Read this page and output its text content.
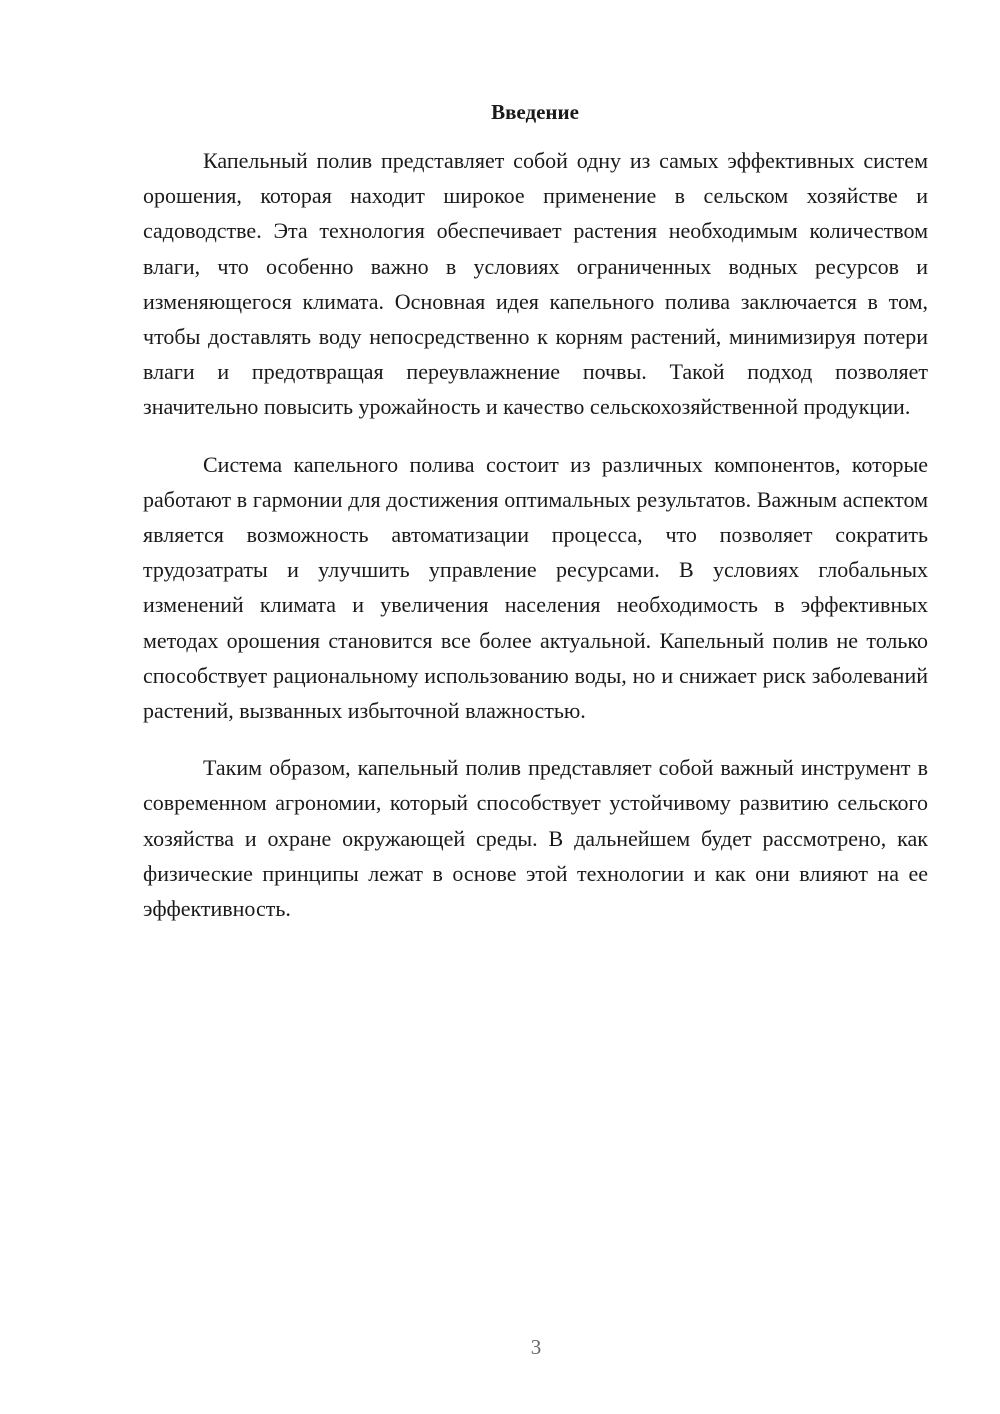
Введение

Капельный полив представляет собой одну из самых эффективных систем орошения, которая находит широкое применение в сельском хозяйстве и садоводстве. Эта технология обеспечивает растения необходимым количеством влаги, что особенно важно в условиях ограниченных водных ресурсов и изменяющегося климата. Основная идея капельного полива заключается в том, чтобы доставлять воду непосредственно к корням растений, минимизируя потери влаги и предотвращая переувлажнение почвы. Такой подход позволяет значительно повысить урожайность и качество сельскохозяйственной продукции.

Система капельного полива состоит из различных компонентов, которые работают в гармонии для достижения оптимальных результатов. Важным аспектом является возможность автоматизации процесса, что позволяет сократить трудозатраты и улучшить управление ресурсами. В условиях глобальных изменений климата и увеличения населения необходимость в эффективных методах орошения становится все более актуальной. Капельный полив не только способствует рациональному использованию воды, но и снижает риск заболеваний растений, вызванных избыточной влажностью.

Таким образом, капельный полив представляет собой важный инструмент в современном агрономии, который способствует устойчивому развитию сельского хозяйства и охране окружающей среды. В дальнейшем будет рассмотрено, как физические принципы лежат в основе этой технологии и как они влияют на ее эффективность.

3
